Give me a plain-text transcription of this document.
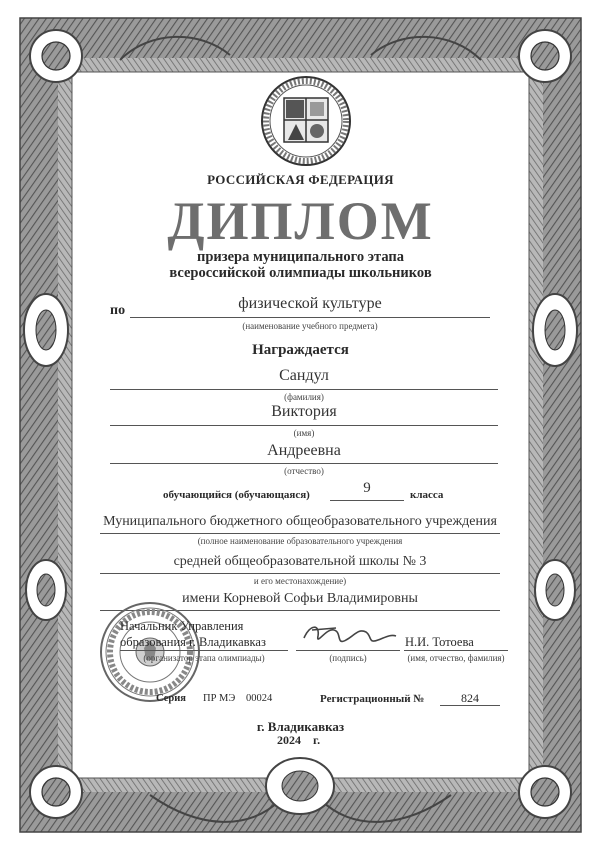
РОССИЙСКАЯ ФЕДЕРАЦИЯ
ДИПЛОМ
призера муниципального этапа
всероссийской олимпиады школьников
по	физической культуре
(наименование учебного предмета)
Награждается
Сандул
(фамилия)
Виктория
(имя)
Андреевна
(отчество)
обучающийся (обучающаяся)	9	класса
Муниципального бюджетного общеобразовательного учреждения
(полное наименование образовательного учреждения
средней общеобразовательной школы № 3
и его местонахождение)
имени Корневой Софьи Владимировны
Начальник Управления
образования г. Владикавказ
(организатор этапа олимпиады)	(подпись)
Н.И. Тотоева
(имя, отчество, фамилия)
Серия ПР МЭ 00024	Регистрационный №	824
г. Владикавказ
2024 г.
